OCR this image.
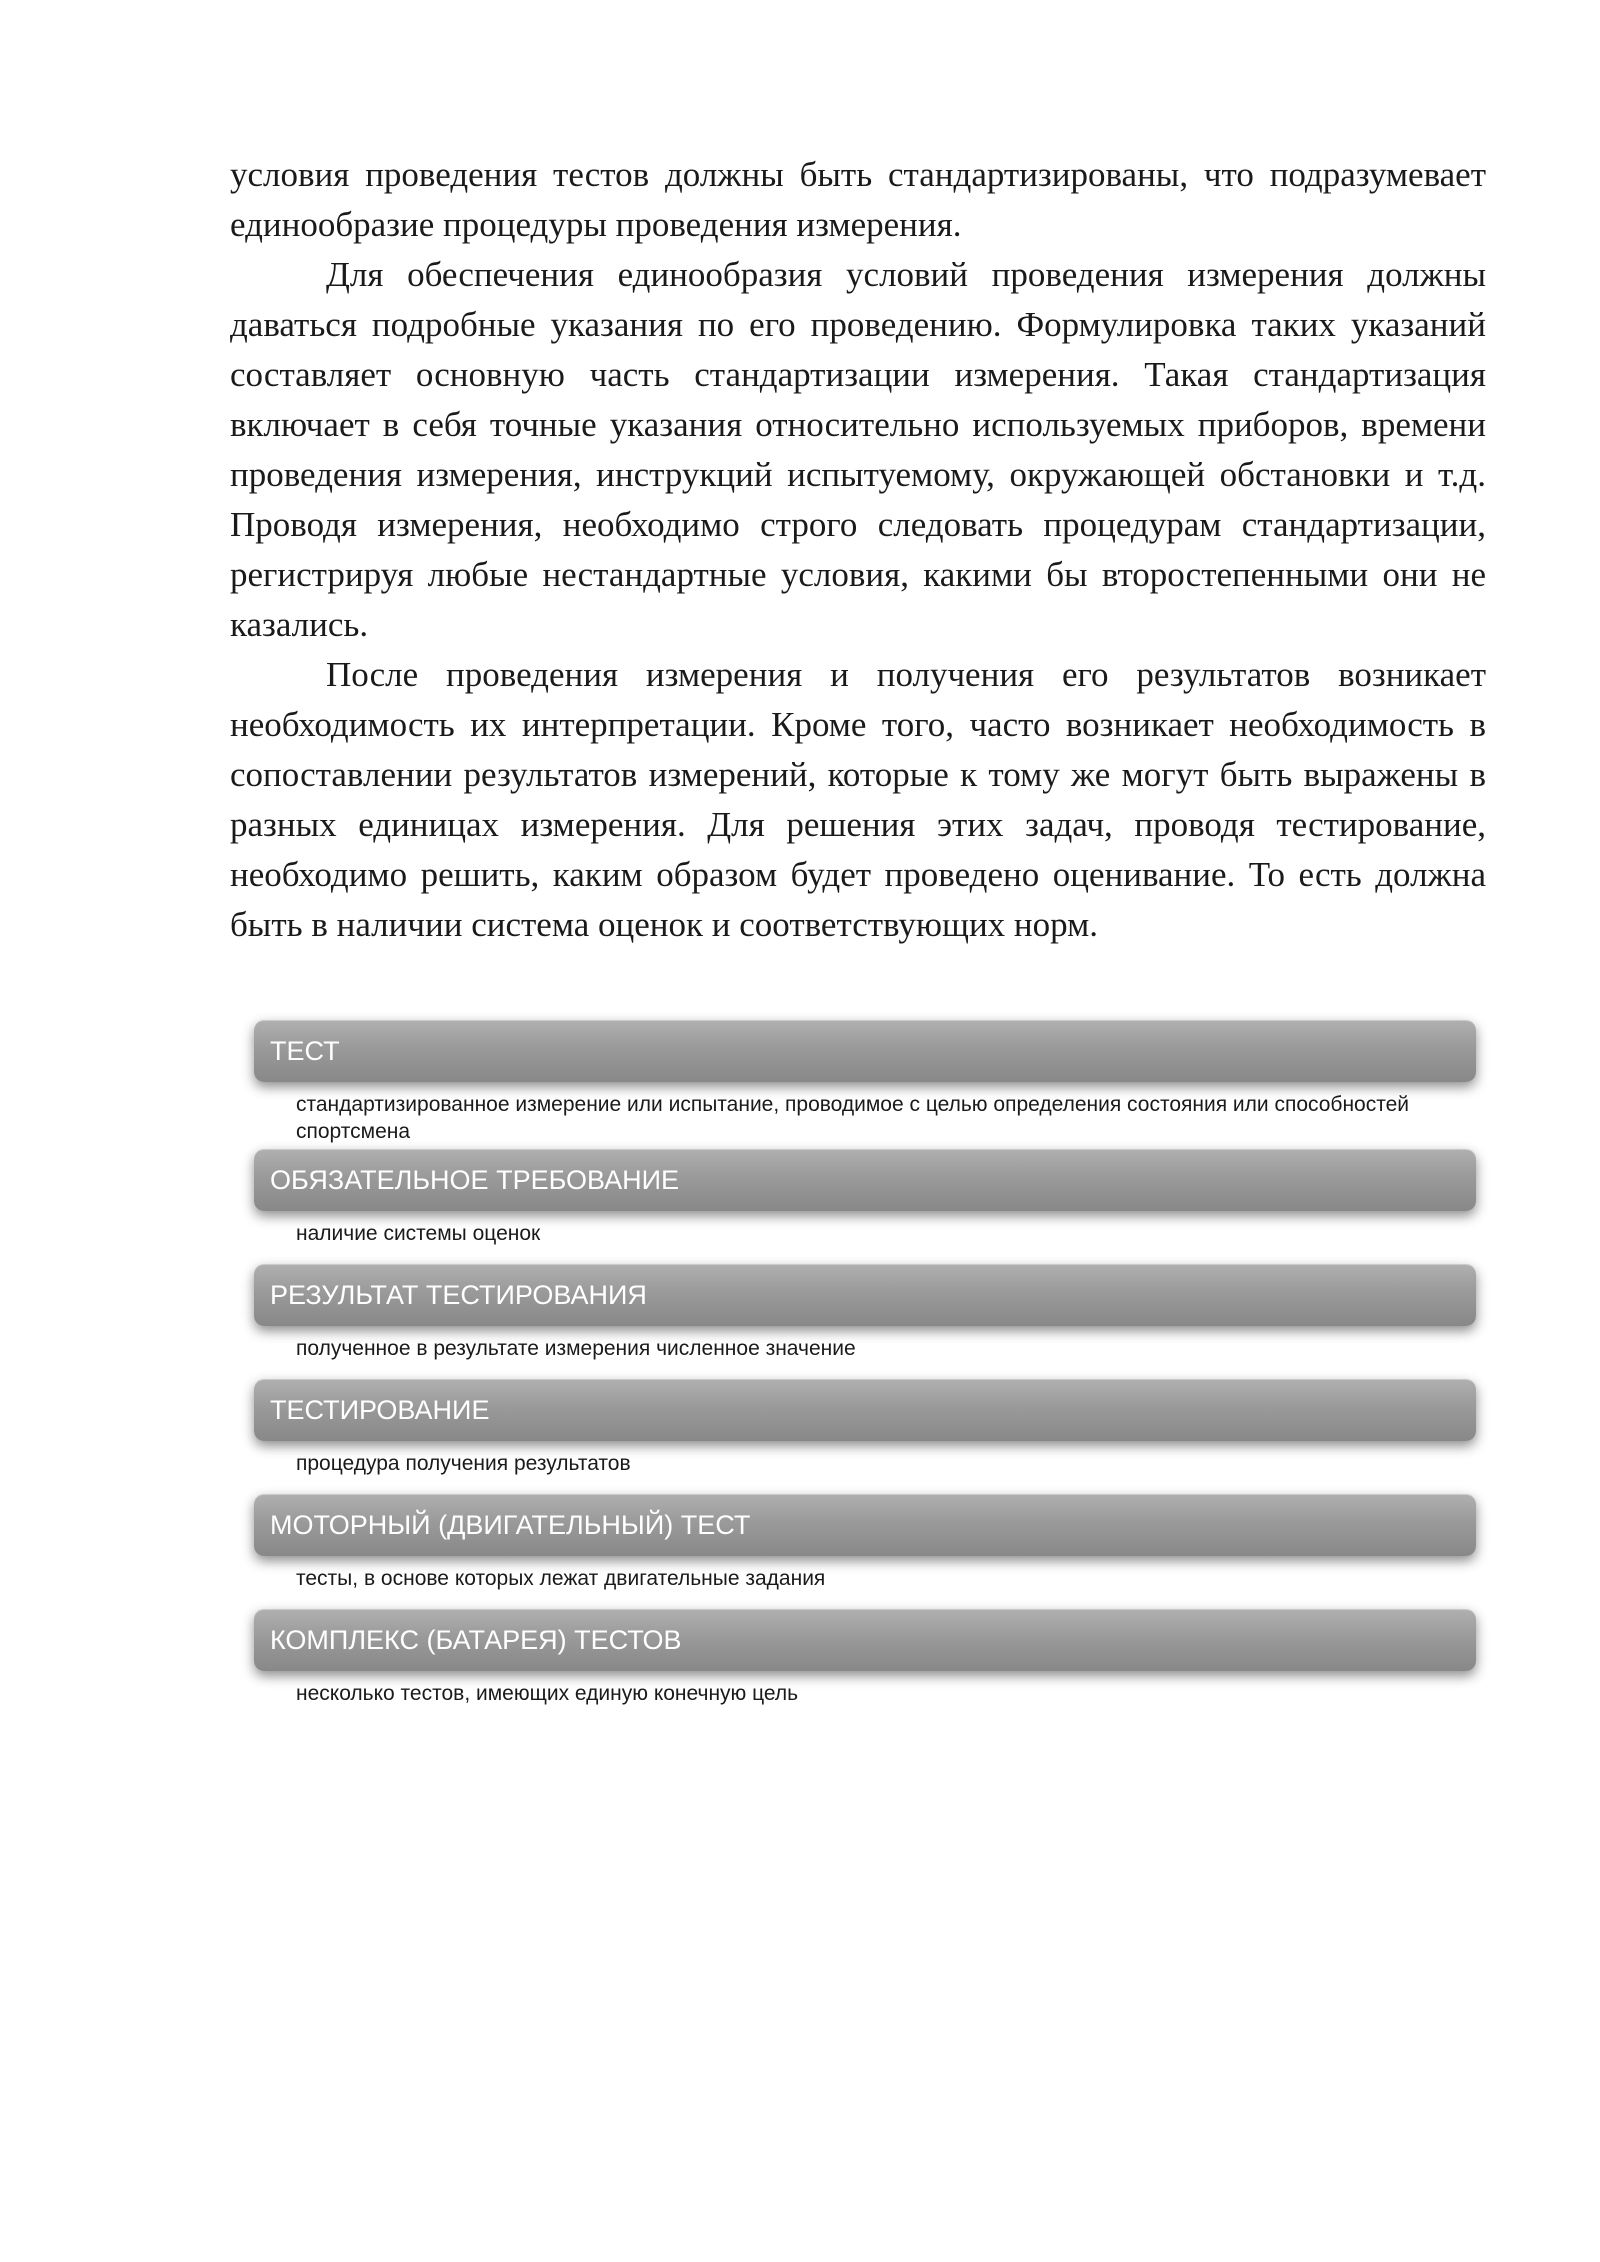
условия проведения тестов должны быть стандартизированы, что подразумевает единообразие процедуры проведения измерения.

Для обеспечения единообразия условий проведения измерения должны даваться подробные указания по его проведению. Формулировка таких указаний составляет основную часть стандартизации измерения. Такая стандартизация включает в себя точные указания относительно используемых приборов, времени проведения измерения, инструкций испытуемому, окружающей обстановки и т.д. Проводя измерения, необходимо строго следовать процедурам стандартизации, регистрируя любые нестандартные условия, какими бы второстепенными они не казались.

После проведения измерения и получения его результатов возникает необходимость их интерпретации. Кроме того, часто возникает необходимость в сопоставлении результатов измерений, которые к тому же могут быть выражены в разных единицах измерения. Для решения этих задач, проводя тестирование, необходимо решить, каким образом будет проведено оценивание. То есть должна быть в наличии система оценок и соответствующих норм.

ТЕСТ
стандартизированное измерение или испытание, проводимое с целью определения состояния или способностей спортсмена
ОБЯЗАТЕЛЬНОЕ ТРЕБОВАНИЕ
наличие системы оценок
РЕЗУЛЬТАТ ТЕСТИРОВАНИЯ
полученное в результате измерения численное значение
ТЕСТИРОВАНИЕ
процедура получения результатов
МОТОРНЫЙ (ДВИГАТЕЛЬНЫЙ) ТЕСТ
тесты, в основе которых лежат двигательные задания
КОМПЛЕКС (БАТАРЕЯ) ТЕСТОВ
несколько тестов, имеющих единую конечную цель
